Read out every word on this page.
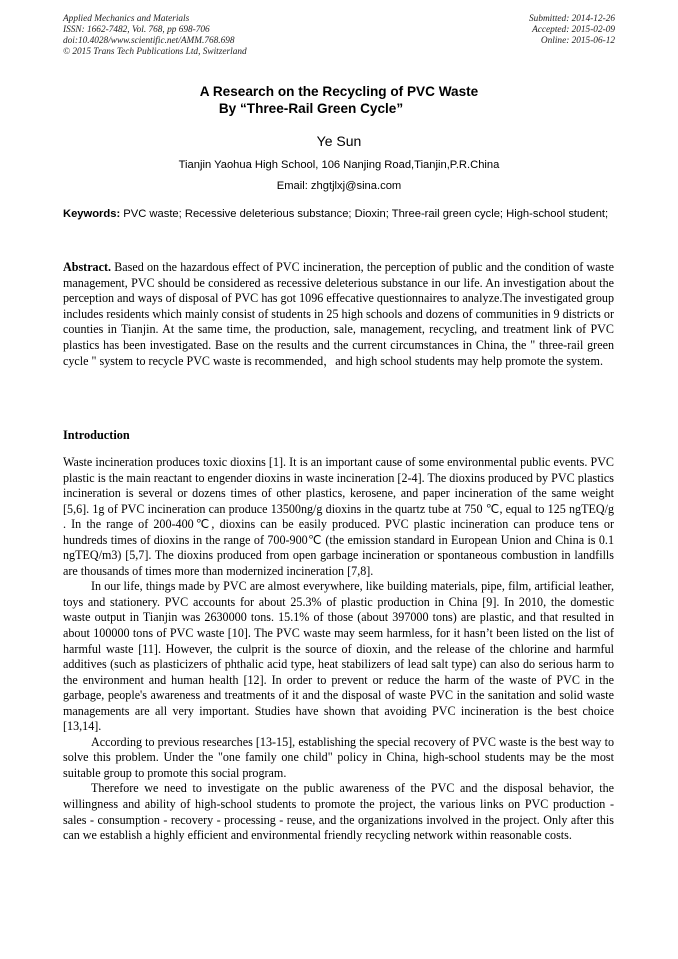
Applied Mechanics and Materials
ISSN: 1662-7482, Vol. 768, pp 698-706
doi:10.4028/www.scientific.net/AMM.768.698
© 2015 Trans Tech Publications Ltd, Switzerland
Submitted: 2014-12-26
Accepted: 2015-02-09
Online: 2015-06-12
A Research on the Recycling of PVC Waste
By “Three-Rail Green Cycle”
Ye Sun
Tianjin Yaohua High School, 106 Nanjing Road,Tianjin,P.R.China
Email: zhgtjlxj@sina.com
Keywords: PVC waste; Recessive deleterious substance; Dioxin; Three-rail green cycle; High-school student;
Abstract. Based on the hazardous effect of PVC incineration, the perception of public and the condition of waste management, PVC should be considered as recessive deleterious substance in our life. An investigation about the perception and ways of disposal of PVC has got 1096 effecative questionnaires to analyze.The investigated group includes residents which mainly consist of students in 25 high schools and dozens of communities in 9 districts or counties in Tianjin. At the same time, the production, sale, management, recycling, and treatment link of PVC plastics has been investigated. Base on the results and the current circumstances in China, the " three-rail green cycle " system to recycle PVC waste is recommended，and high school students may help promote the system.
Introduction

Waste incineration produces toxic dioxins [1]. It is an important cause of some environmental public events. PVC plastic is the main reactant to engender dioxins in waste incineration [2-4]. The dioxins produced by PVC plastics incineration is several or dozens times of other plastics, kerosene, and paper incineration of the same weight [5,6]. 1g of PVC incineration can produce 13500ng/g dioxins in the quartz tube at 750 ℃, equal to 125 ngTEQ/g . In the range of 200-400℃, dioxins can be easily produced. PVC plastic incineration can produce tens or hundreds times of dioxins in the range of 700-900℃ (the emission standard in European Union and China is 0.1 ngTEQ/m3) [5,7]. The dioxins produced from open garbage incineration or spontaneous combustion in landfills are thousands of times more than modernized incineration [7,8].

In our life, things made by PVC are almost everywhere, like building materials, pipe, film, artificial leather, toys and stationery. PVC accounts for about 25.3% of plastic production in China [9]. In 2010, the domestic waste output in Tianjin was 2630000 tons. 15.1% of those (about 397000 tons) are plastic, and that resulted in about 100000 tons of PVC waste [10]. The PVC waste may seem harmless, for it hasn’t been listed on the list of harmful waste [11]. However, the culprit is the source of dioxin, and the release of the chlorine and harmful additives (such as plasticizers of phthalic acid type, heat stabilizers of lead salt type) can also do serious harm to the environment and human health [12]. In order to prevent or reduce the harm of the waste of PVC in the garbage, people's awareness and treatments of it and the disposal of waste PVC in the sanitation and solid waste managements are all very important. Studies have shown that avoiding PVC incineration is the best choice [13,14].

According to previous researches [13-15], establishing the special recovery of PVC waste is the best way to solve this problem. Under the "one family one child" policy in China, high-school students may be the most suitable group to promote this social program.

Therefore we need to investigate on the public awareness of the PVC and the disposal behavior, the willingness and ability of high-school students to promote the project, the various links on PVC production - sales - consumption - recovery - processing - reuse, and the organizations involved in the project. Only after this can we establish a highly efficient and environmental friendly recycling network within reasonable costs.
